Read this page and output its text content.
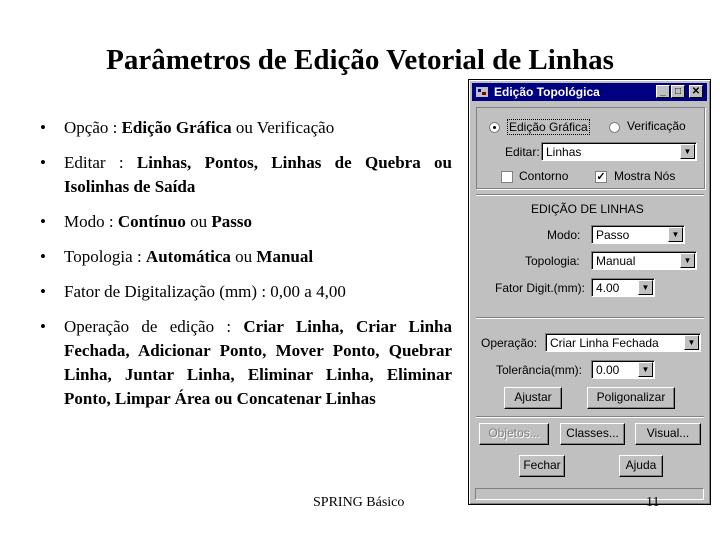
Parâmetros de Edição Vetorial de Linhas
• Opção : Edição Gráfica ou Verificação
• Editar : Linhas, Pontos, Linhas de Quebra ou Isolinhas de Saída
• Modo : Contínuo ou Passo
• Topologia : Automática ou Manual
• Fator de Digitalização (mm) : 0,00 a 4,00
• Operação de edição : Criar Linha, Criar Linha Fechada, Adicionar Ponto, Mover Ponto, Quebrar Linha, Juntar Linha, Eliminar Linha, Eliminar Ponto, Limpar Área ou Concatenar Linhas
SPRING Básico	11
Edição Topológica	_ □	✕
Edição Gráfica	Verificação
Editar: Linhas	▼
Contorno	✓ Mostra Nós
EDIÇÃO DE LINHAS
Modo: Passo	▼
Topologia: Manual	▼
Fator Digit.(mm): 4.00	▼
Operação: Criar Linha Fechada	▼
Tolerância(mm): 0.00	▼
Ajustar	Poligonalizar
Objetos...	Classes...	Visual...
Fechar	Ajuda
